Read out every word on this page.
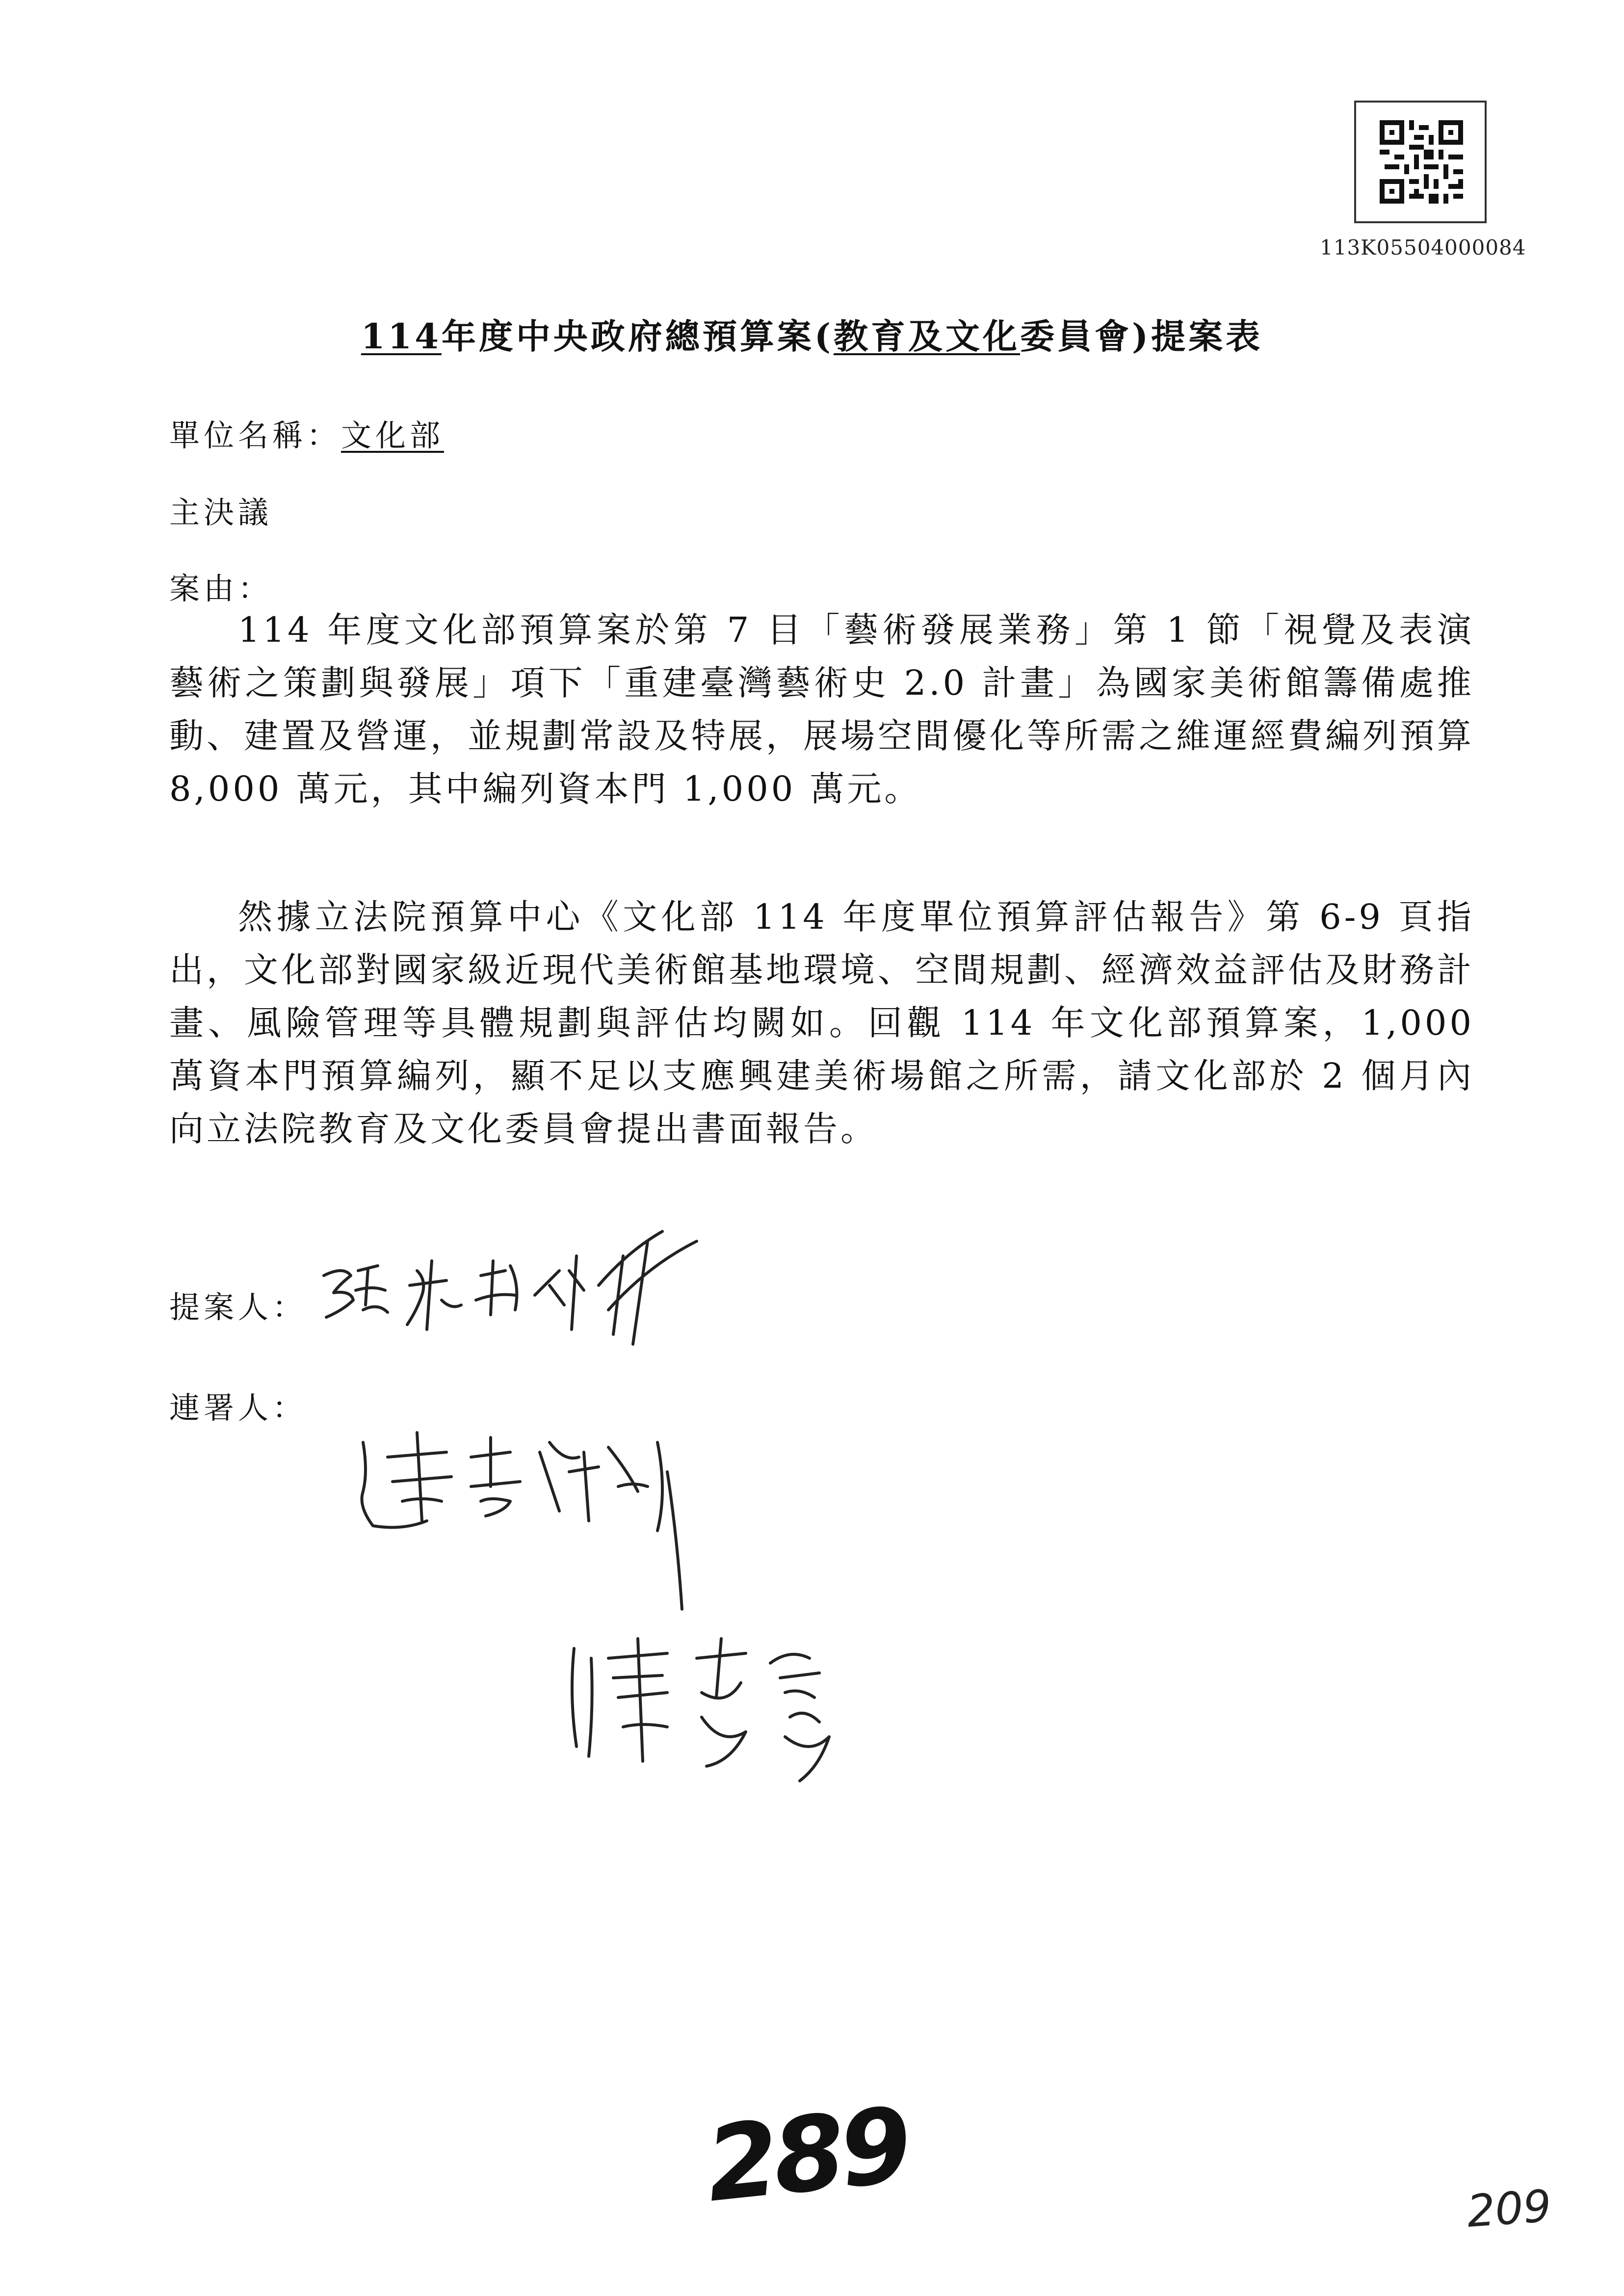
113K05504000084
114年度中央政府總預算案(教育及文化委員會)提案表
單位名稱：文化部
主決議
案由：

114 年度文化部預算案於第 7 目「藝術發展業務」第 1 節「視覺及表演藝術之策劃與發展」項下「重建臺灣藝術史 2.0 計畫」為國家美術館籌備處推動、建置及營運，並規劃常設及特展，展場空間優化等所需之維運經費編列預算 8,000 萬元，其中編列資本門 1,000 萬元。

然據立法院預算中心《文化部 114 年度單位預算評估報告》第 6-9 頁指出，文化部對國家級近現代美術館基地環境、空間規劃、經濟效益評估及財務計畫、風險管理等具體規劃與評估均闕如。回觀 114 年文化部預算案，1,000 萬資本門預算編列，顯不足以支應興建美術場館之所需，請文化部於 2 個月內向立法院教育及文化委員會提出書面報告。

提案人：
連署人：
289	209
